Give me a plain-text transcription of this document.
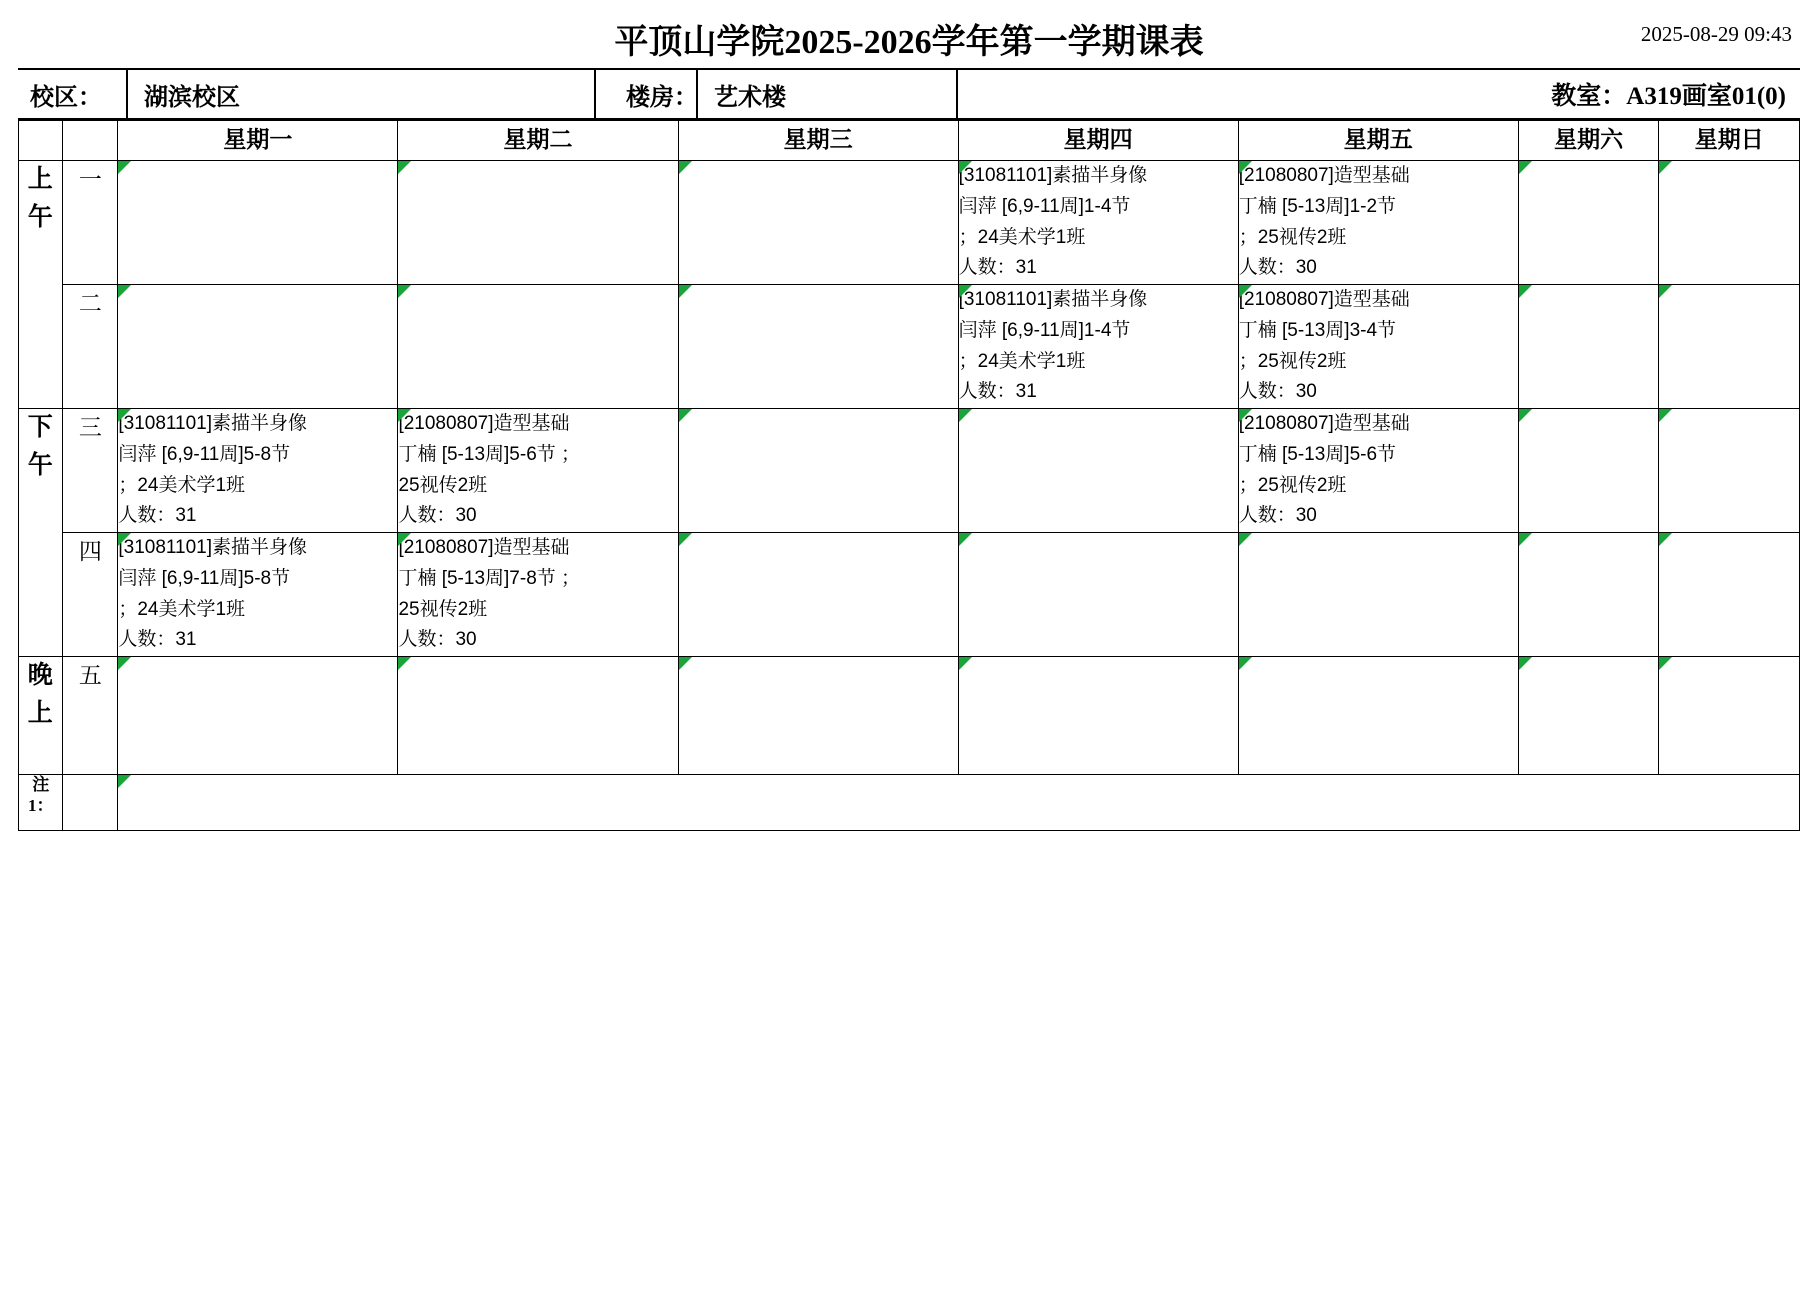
平顶山学院2025-2026学年第一学期课表	2025-08-29 09:43
校区：	湖滨校区	楼房： 艺术楼	教室：A319画室01(0)
		星期一	星期二	星期三	星期四	星期五	星期六	星期日

上
午	一				[31081101]素描半身像
闫萍 [6,9-11周]1-4节
；24美术学1班
人数：31	[21080807]造型基础
丁楠 [5-13周]1-2节
；25视传2班
人数：30		

	二				[31081101]素描半身像
闫萍 [6,9-11周]1-4节
；24美术学1班
人数：31	[21080807]造型基础
丁楠 [5-13周]3-4节
；25视传2班
人数：30		

下
午	三	[31081101]素描半身像
闫萍 [6,9-11周]5-8节
；24美术学1班
人数：31	[21080807]造型基础
丁楠 [5-13周]5-6节 ；
25视传2班
人数：30			[21080807]造型基础
丁楠 [5-13周]5-6节
；25视传2班
人数：30		

	四	[31081101]素描半身像
闫萍 [6,9-11周]5-8节
；24美术学1班
人数：31	[21080807]造型基础
丁楠 [5-13周]7-8节 ；
25视传2班
人数：30					

晚
上	五							
注 1：								
